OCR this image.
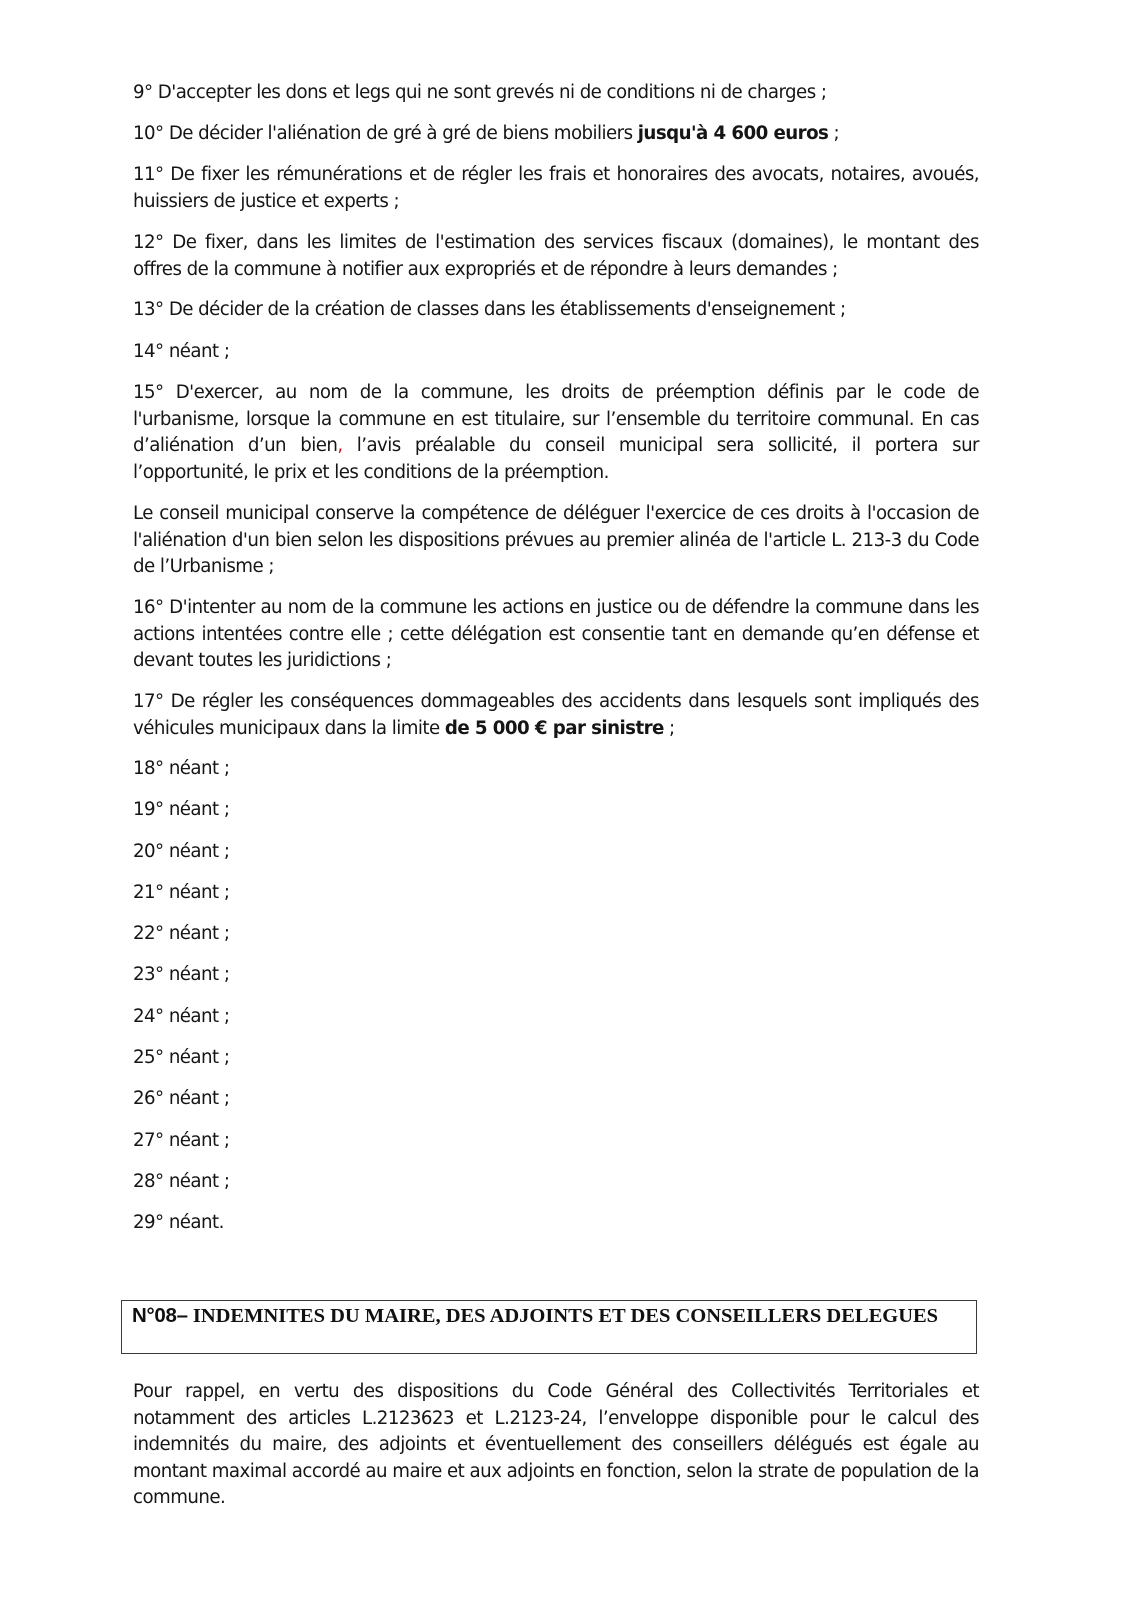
9° D'accepter les dons et legs qui ne sont grevés ni de conditions ni de charges ;

10° De décider l'aliénation de gré à gré de biens mobiliers jusqu'à 4 600 euros ;

11° De fixer les rémunérations et de régler les frais et honoraires des avocats, notaires, avoués, huissiers de justice et experts ;

12° De fixer, dans les limites de l'estimation des services fiscaux (domaines), le montant des offres de la commune à notifier aux expropriés et de répondre à leurs demandes ;

13° De décider de la création de classes dans les établissements d'enseignement ;

14° néant ;

15° D'exercer, au nom de la commune, les droits de préemption définis par le code de l'urbanisme, lorsque la commune en est titulaire, sur l’ensemble du territoire communal. En cas d’aliénation d’un bien, l’avis préalable du conseil municipal sera sollicité, il portera sur l’opportunité, le prix et les conditions de la préemption.

Le conseil municipal conserve la compétence de déléguer l'exercice de ces droits à l'occasion de l'aliénation d'un bien selon les dispositions prévues au premier alinéa de l'article L. 213-3 du Code de l’Urbanisme ;

16° D'intenter au nom de la commune les actions en justice ou de défendre la commune dans les actions intentées contre elle ; cette délégation est consentie tant en demande qu’en défense et devant toutes les juridictions ;

17° De régler les conséquences dommageables des accidents dans lesquels sont impliqués des véhicules municipaux dans la limite de 5 000 € par sinistre ;

18° néant ;

19° néant ;

20° néant ;

21° néant ;

22° néant ;

23° néant ;

24° néant ;

25° néant ;

26° néant ;

27° néant ;

28° néant ;

29° néant.

N°08– INDEMNITES DU MAIRE, DES ADJOINTS ET DES CONSEILLERS DELEGUES

Pour rappel, en vertu des dispositions du Code Général des Collectivités Territoriales et notamment des articles L.2123623 et L.2123-24, l’enveloppe disponible pour le calcul des indemnités du maire, des adjoints et éventuellement des conseillers délégués est égale au montant maximal accordé au maire et aux adjoints en fonction, selon la strate de population de la commune.
